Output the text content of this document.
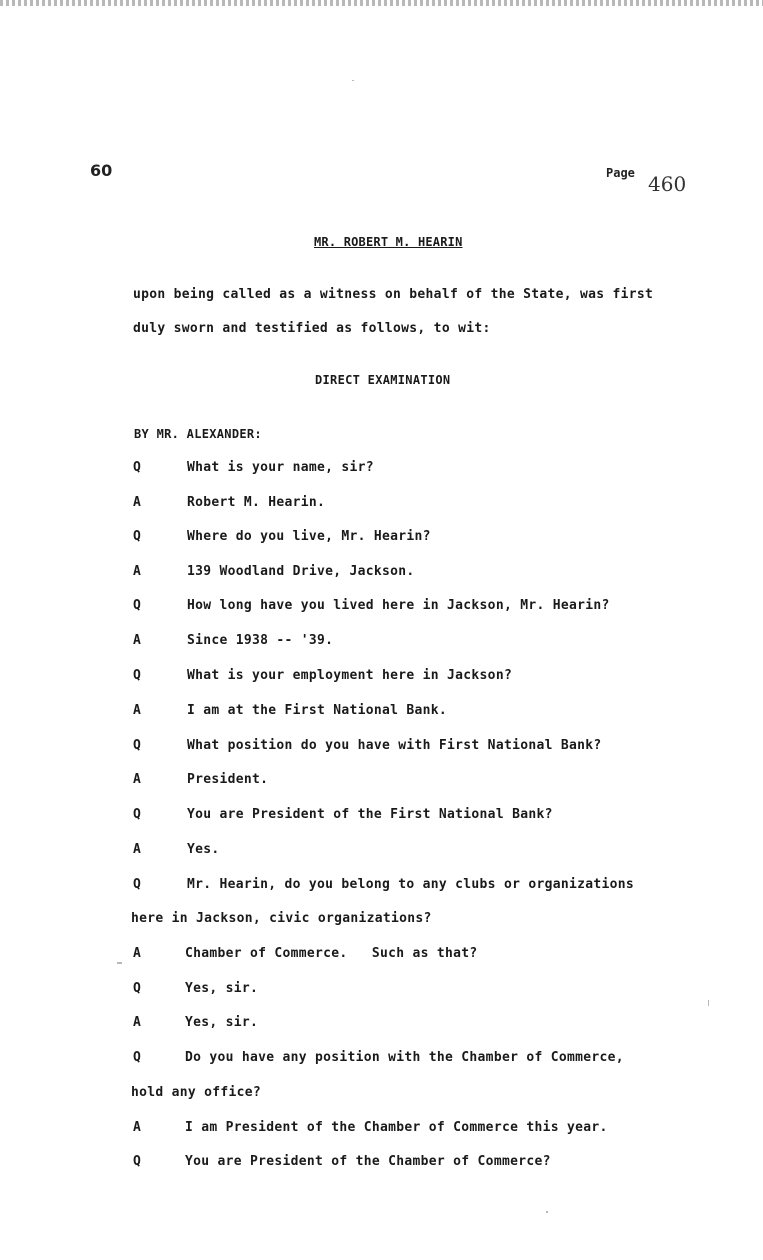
60	Page 460
MR. ROBERT M. HEARIN
upon being called as a witness on behalf of the State, was first
duly sworn and testified as follows, to wit:
DIRECT EXAMINATION
BY MR. ALEXANDER:
Q	What is your name, sir?
A	Robert M. Hearin.
Q	Where do you live, Mr. Hearin?
A	139 Woodland Drive, Jackson.
Q	How long have you lived here in Jackson, Mr. Hearin?
A	Since 1938 -- '39.
Q	What is your employment here in Jackson?
A	I am at the First National Bank.
Q	What position do you have with First National Bank?
A	President.
Q	You are President of the First National Bank?
A	Yes.
Q	Mr. Hearin, do you belong to any clubs or organizations
here in Jackson, civic organizations?
A	Chamber of Commerce.   Such as that?
Q	Yes, sir.
A	Yes, sir.
Q	Do you have any position with the Chamber of Commerce,
hold any office?
A	I am President of the Chamber of Commerce this year.
Q	You are President of the Chamber of Commerce?
